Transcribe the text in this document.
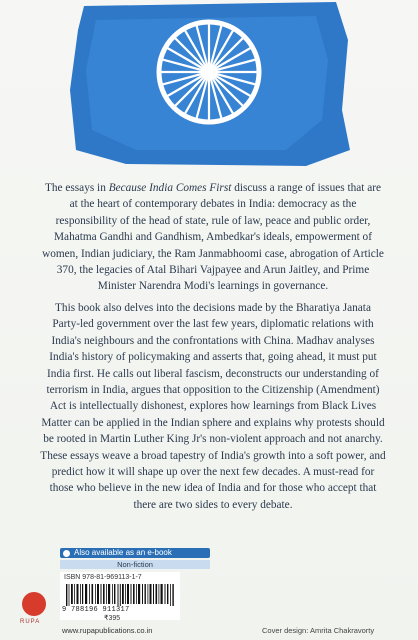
The essays in Because India Comes First discuss a range of issues that are at the heart of contemporary debates in India: democracy as the responsibility of the head of state, rule of law, peace and public order, Mahatma Gandhi and Gandhism, Ambedkar's ideals, empowerment of women, Indian judiciary, the Ram Janmabhoomi case, abrogation of Article 370, the legacies of Atal Bihari Vajpayee and Arun Jaitley, and Prime Minister Narendra Modi's learnings in governance.

This book also delves into the decisions made by the Bharatiya Janata Party-led government over the last few years, diplomatic relations with India's neighbours and the confrontations with China. Madhav analyses India's history of policymaking and asserts that, going ahead, it must put India first. He calls out liberal fascism, deconstructs our understanding of terrorism in India, argues that opposition to the Citizenship (Amendment) Act is intellectually dishonest, explores how learnings from Black Lives Matter can be applied in the Indian sphere and explains why protests should be rooted in Martin Luther King Jr's non-violent approach and not anarchy. These essays weave a broad tapestry of India's growth into a soft power, and predict how it will shape up over the next few decades. A must-read for those who believe in the new idea of India and for those who accept that there are two sides to every debate.

Also available as an e-book
Non-fiction
ISBN 978-81-969113-1-7
9 788196 911317
₹395
RUPA
www.rupapublications.co.in	Cover design: Amrita Chakravorty
